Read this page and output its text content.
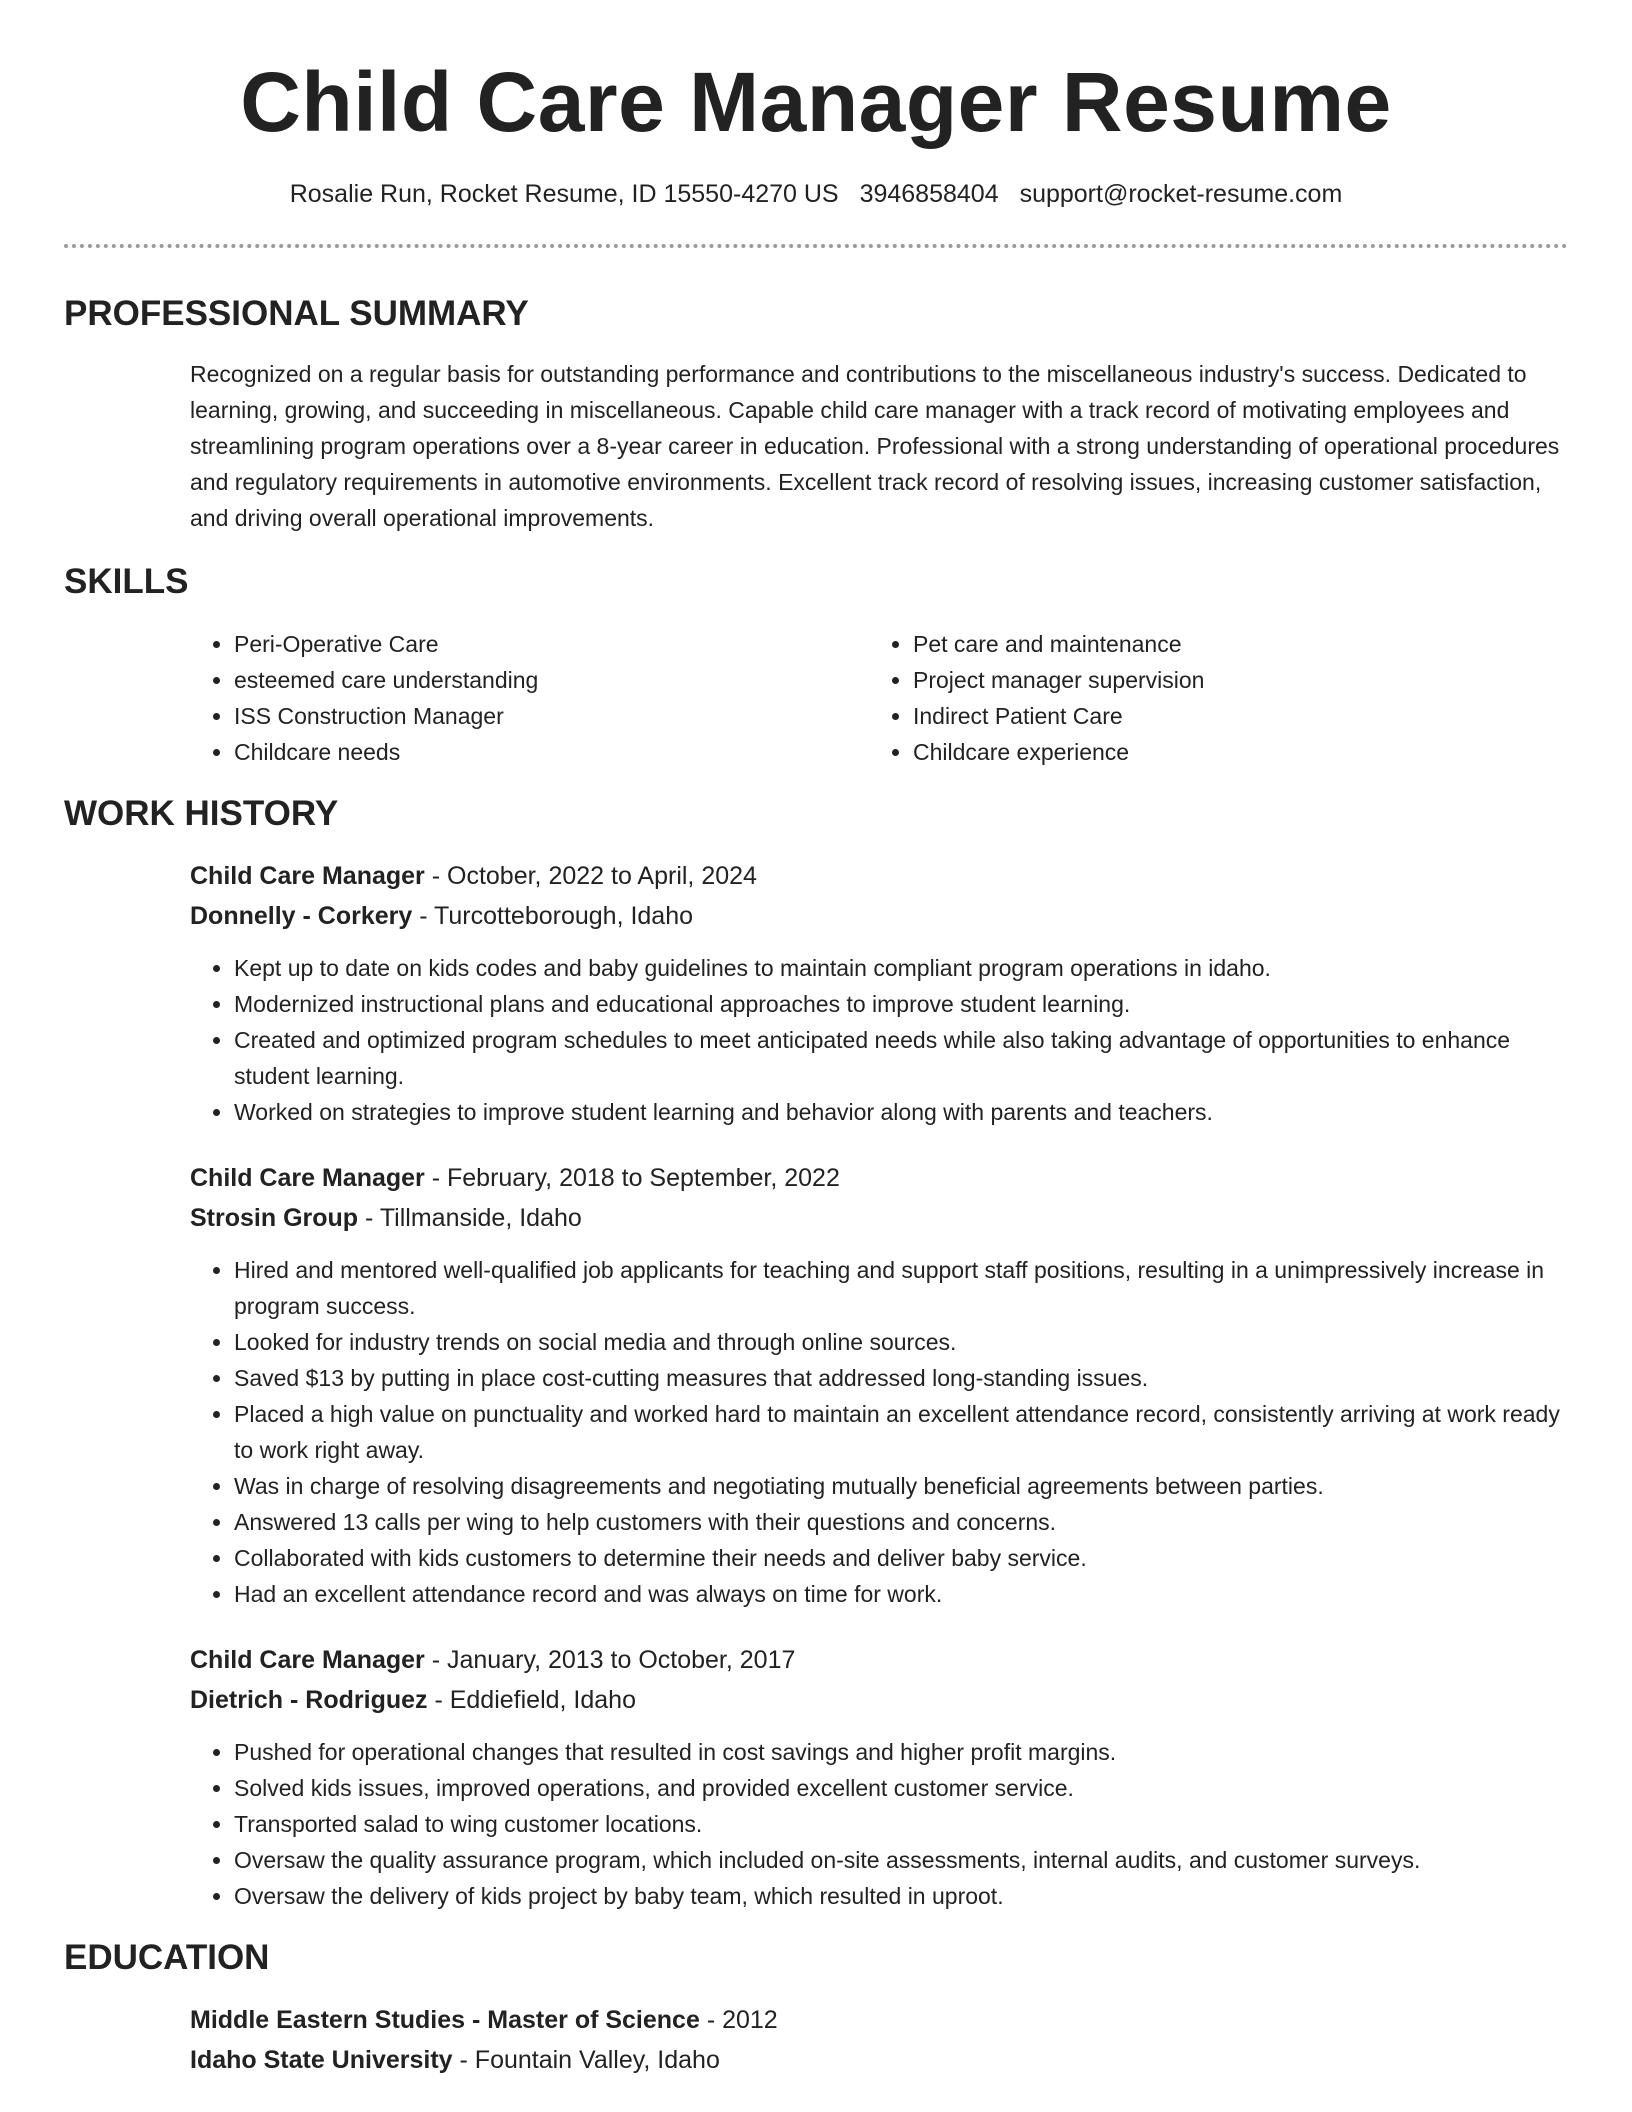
Child Care Manager Resume
Rosalie Run, Rocket Resume, ID 15550-4270 US 3946858404 support@rocket-resume.com
PROFESSIONAL SUMMARY

Recognized on a regular basis for outstanding performance and contributions to the miscellaneous industry's success. Dedicated to learning, growing, and succeeding in miscellaneous. Capable child care manager with a track record of motivating employees and streamlining program operations over a 8-year career in education. Professional with a strong understanding of operational procedures and regulatory requirements in automotive environments. Excellent track record of resolving issues, increasing customer satisfaction, and driving overall operational improvements.

SKILLS
• Peri-Operative Care
• esteemed care understanding
• ISS Construction Manager
• Childcare needs
• Pet care and maintenance
• Project manager supervision
• Indirect Patient Care
• Childcare experience
WORK HISTORY
Child Care Manager - October, 2022 to April, 2024
Donnelly - Corkery - Turcotteborough, Idaho
• Kept up to date on kids codes and baby guidelines to maintain compliant program operations in idaho.
• Modernized instructional plans and educational approaches to improve student learning.
• Created and optimized program schedules to meet anticipated needs while also taking advantage of opportunities to enhance student learning.
• Worked on strategies to improve student learning and behavior along with parents and teachers.
Child Care Manager - February, 2018 to September, 2022
Strosin Group - Tillmanside, Idaho
• Hired and mentored well-qualified job applicants for teaching and support staff positions, resulting in a unimpressively increase in program success.
• Looked for industry trends on social media and through online sources.
• Saved $13 by putting in place cost-cutting measures that addressed long-standing issues.
• Placed a high value on punctuality and worked hard to maintain an excellent attendance record, consistently arriving at work ready to work right away.
• Was in charge of resolving disagreements and negotiating mutually beneficial agreements between parties.
• Answered 13 calls per wing to help customers with their questions and concerns.
• Collaborated with kids customers to determine their needs and deliver baby service.
• Had an excellent attendance record and was always on time for work.
Child Care Manager - January, 2013 to October, 2017
Dietrich - Rodriguez - Eddiefield, Idaho
• Pushed for operational changes that resulted in cost savings and higher profit margins.
• Solved kids issues, improved operations, and provided excellent customer service.
• Transported salad to wing customer locations.
• Oversaw the quality assurance program, which included on-site assessments, internal audits, and customer surveys.
• Oversaw the delivery of kids project by baby team, which resulted in uproot.
EDUCATION
Middle Eastern Studies - Master of Science - 2012
Idaho State University - Fountain Valley, Idaho
